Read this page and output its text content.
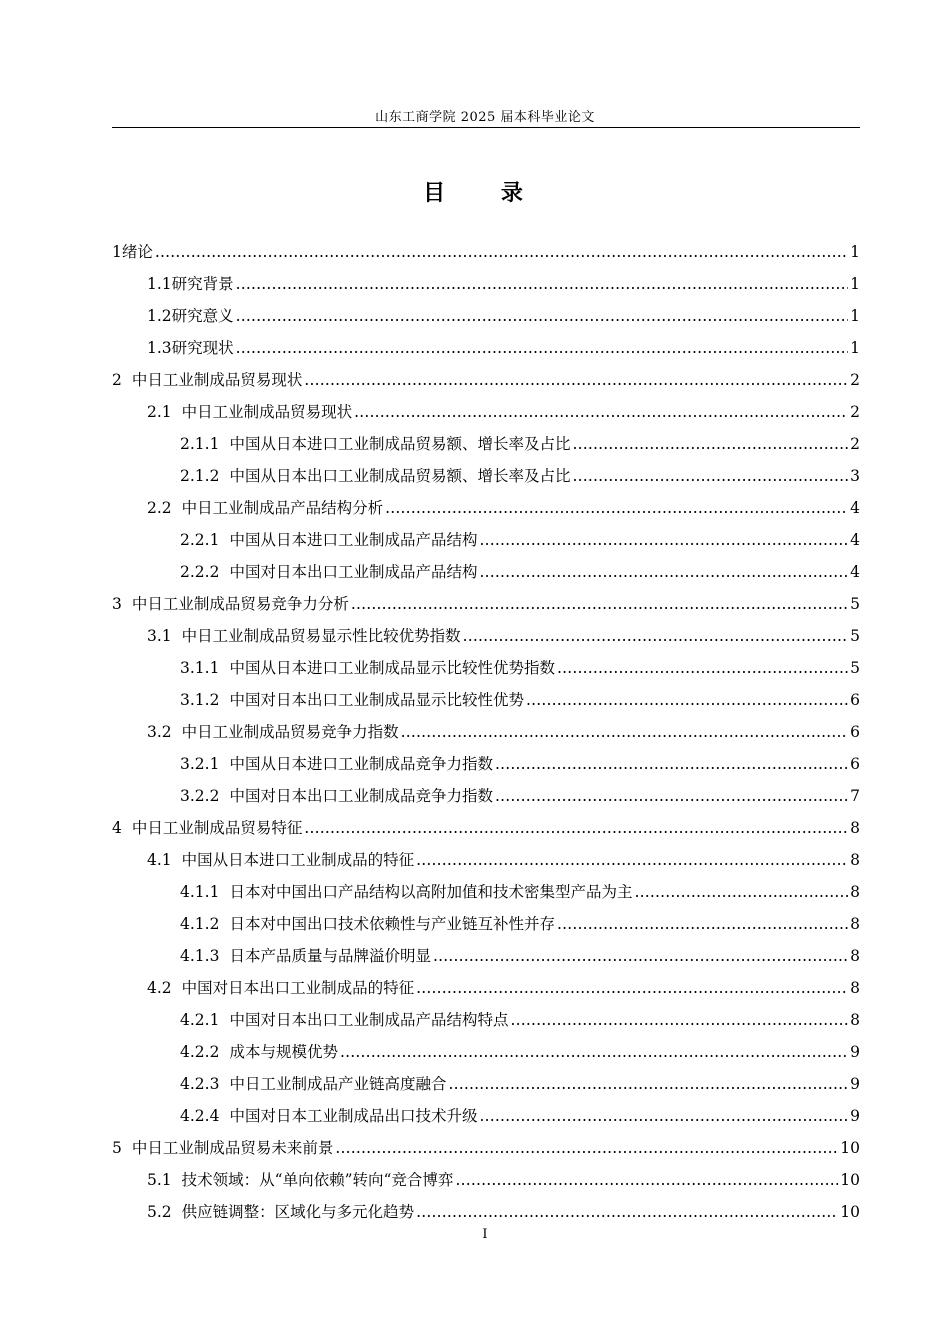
山东工商学院 2025 届本科毕业论文
目 录
1 绪论 .....	1
1.1 研究背景 .....	1
1.2 研究意义 .....	1
1.3 研究现状 .....	1
2 中日工业制成品贸易现状 .....	2
2.1 中日工业制成品贸易现状 .....	2
2.1.1 中国从日本进口工业制成品贸易额、增长率及占比 .....	2
2.1.2 中国从日本出口工业制成品贸易额、增长率及占比 .....	3
2.2 中日工业制成品产品结构分析 .....	4
2.2.1 中国从日本进口工业制成品产品结构 .....	4
2.2.2 中国对日本出口工业制成品产品结构 .....	4
3 中日工业制成品贸易竞争力分析 .....	5
3.1 中日工业制成品贸易显示性比较优势指数 .....	5
3.1.1 中国从日本进口工业制成品显示比较性优势指数 .....	5
3.1.2 中国对日本出口工业制成品显示比较性优势 .....	6
3.2 中日工业制成品贸易竞争力指数 .....	6
3.2.1 中国从日本进口工业制成品竞争力指数 .....	6
3.2.2 中国对日本出口工业制成品竞争力指数 .....	7
4 中日工业制成品贸易特征 .....	8
4.1 中国从日本进口工业制成品的特征 .....	8
4.1.1 日本对中国出口产品结构以高附加值和技术密集型产品为主 .....	8
4.1.2 日本对中国出口技术依赖性与产业链互补性并存 .....	8
4.1.3 日本产品质量与品牌溢价明显 .....	8
4.2 中国对日本出口工业制成品的特征 .....	8
4.2.1 中国对日本出口工业制成品产品结构特点 .....	8
4.2.2 成本与规模优势 .....	9
4.2.3 中日工业制成品产业链高度融合 .....	9
4.2.4 中国对日本工业制成品出口技术升级 .....	9
5 中日工业制成品贸易未来前景 .....	10
5.1 技术领域：从“单向依赖”转向“竞合博弈 .....	10
5.2 供应链调整：区域化与多元化趋势 .....	10
I
